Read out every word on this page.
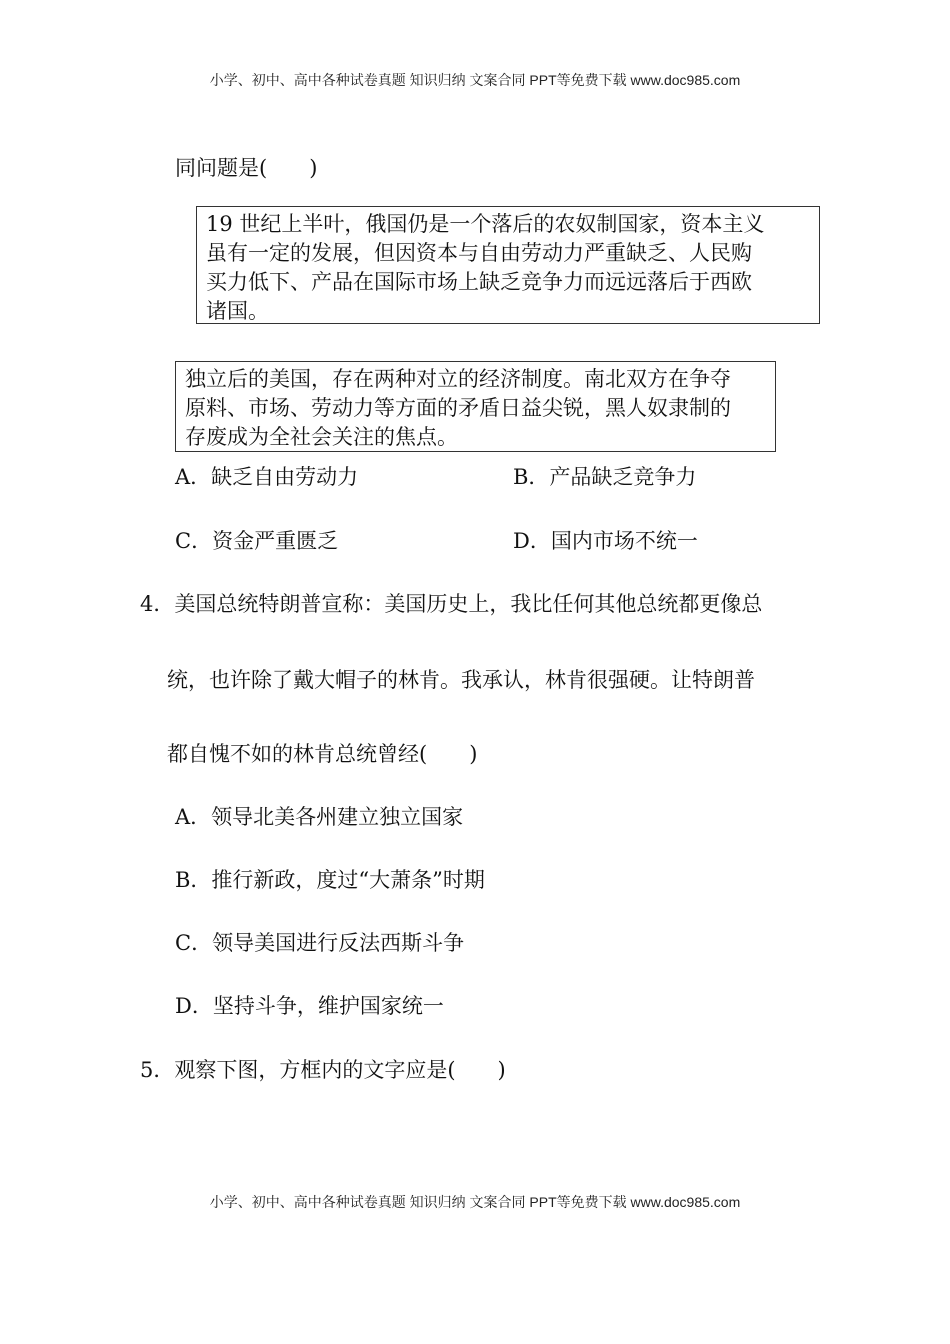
小学、初中、高中各种试卷真题 知识归纳 文案合同 PPT等免费下载 www.doc985.com
同问题是(　　)
19 世纪上半叶，俄国仍是一个落后的农奴制国家，资本主义
虽有一定的发展，但因资本与自由劳动力严重缺乏、人民购
买力低下、产品在国际市场上缺乏竞争力而远远落后于西欧
诸国。
独立后的美国，存在两种对立的经济制度。南北双方在争夺
原料、市场、劳动力等方面的矛盾日益尖锐，黑人奴隶制的
存废成为全社会关注的焦点。
A．缺乏自由劳动力	B．产品缺乏竞争力
C．资金严重匮乏	D．国内市场不统一
4．美国总统特朗普宣称：美国历史上，我比任何其他总统都更像总
统，也许除了戴大帽子的林肯。我承认，林肯很强硬。让特朗普
都自愧不如的林肯总统曾经(　　)
A．领导北美各州建立独立国家
B．推行新政，度过“大萧条”时期
C．领导美国进行反法西斯斗争
D．坚持斗争，维护国家统一
5．观察下图，方框内的文字应是(　　)
小学、初中、高中各种试卷真题 知识归纳 文案合同 PPT等免费下载 www.doc985.com
